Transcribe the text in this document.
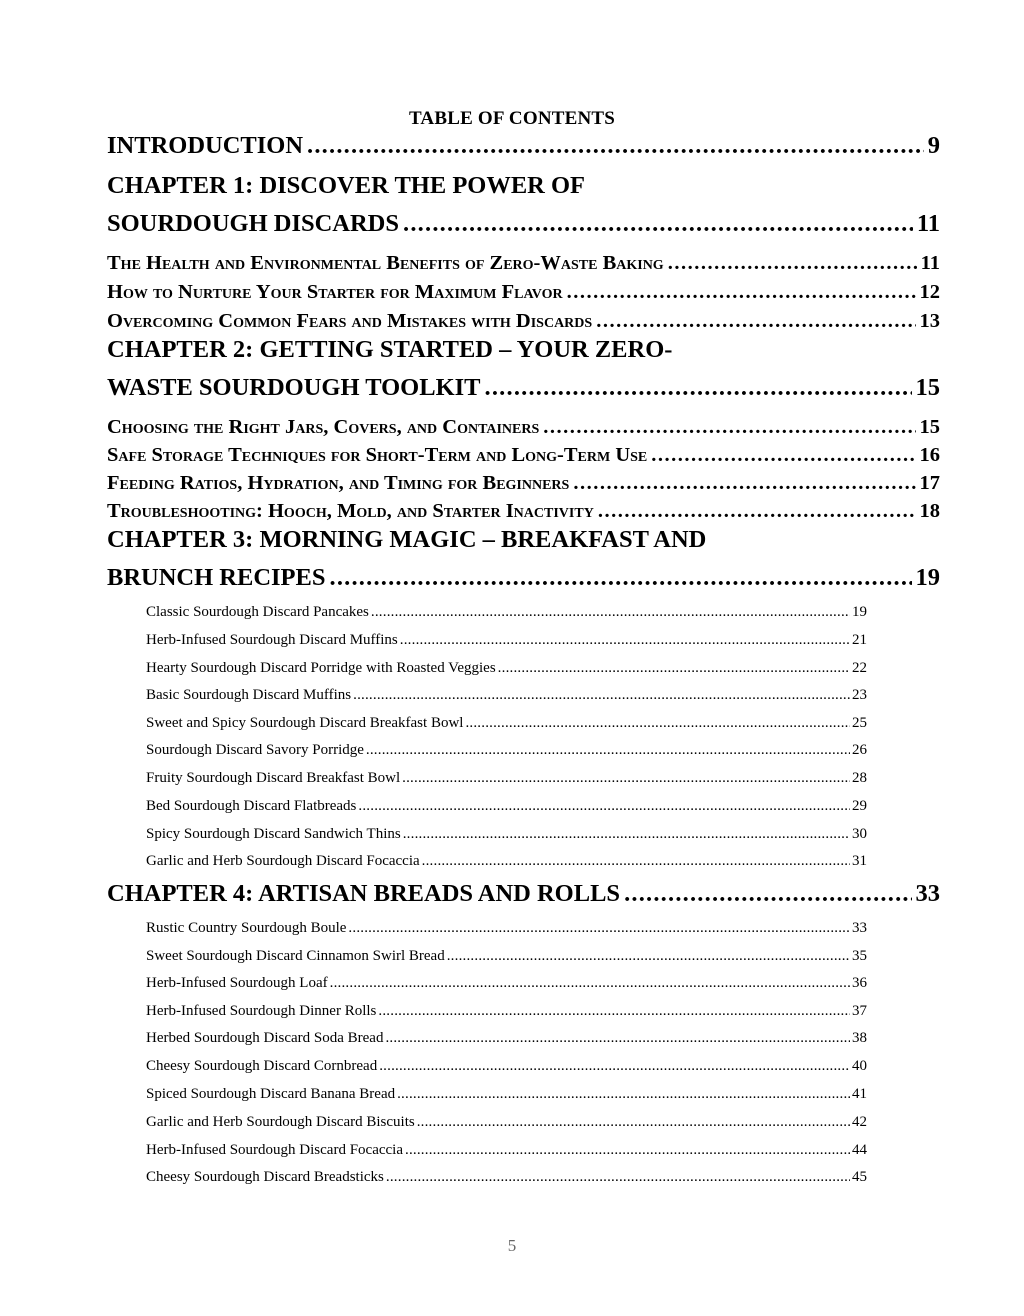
TABLE OF CONTENTS
INTRODUCTION .....	9
CHAPTER 1: DISCOVER THE POWER OF
SOURDOUGH DISCARDS .....	11
The Health and Environmental Benefits of Zero-Waste Baking .....	11
How to Nurture Your Starter for Maximum Flavor .....	12
Overcoming Common Fears and Mistakes with Discards .....	13
CHAPTER 2: GETTING STARTED – YOUR ZERO-
WASTE SOURDOUGH TOOLKIT .....	15
Choosing the Right Jars, Covers, and Containers .....	15
Safe Storage Techniques for Short-Term and Long-Term Use .....	16
Feeding Ratios, Hydration, and Timing for Beginners .....	17
Troubleshooting: Hooch, Mold, and Starter Inactivity .....	18
CHAPTER 3: MORNING MAGIC – BREAKFAST AND
BRUNCH RECIPES .....	19
Classic Sourdough Discard Pancakes .....	19
Herb-Infused Sourdough Discard Muffins .....	21
Hearty Sourdough Discard Porridge with Roasted Veggies .....	22
Basic Sourdough Discard Muffins .....	23
Sweet and Spicy Sourdough Discard Breakfast Bowl .....	25
Sourdough Discard Savory Porridge .....	26
Fruity Sourdough Discard Breakfast Bowl .....	28
Bed Sourdough Discard Flatbreads .....	29
Spicy Sourdough Discard Sandwich Thins .....	30
Garlic and Herb Sourdough Discard Focaccia .....	31
CHAPTER 4: ARTISAN BREADS AND ROLLS .....	33
Rustic Country Sourdough Boule .....	33
Sweet Sourdough Discard Cinnamon Swirl Bread .....	35
Herb-Infused Sourdough Loaf .....	36
Herb-Infused Sourdough Dinner Rolls .....	37
Herbed Sourdough Discard Soda Bread .....	38
Cheesy Sourdough Discard Cornbread .....	40
Spiced Sourdough Discard Banana Bread .....	41
Garlic and Herb Sourdough Discard Biscuits .....	42
Herb-Infused Sourdough Discard Focaccia .....	44
Cheesy Sourdough Discard Breadsticks .....	45
5
